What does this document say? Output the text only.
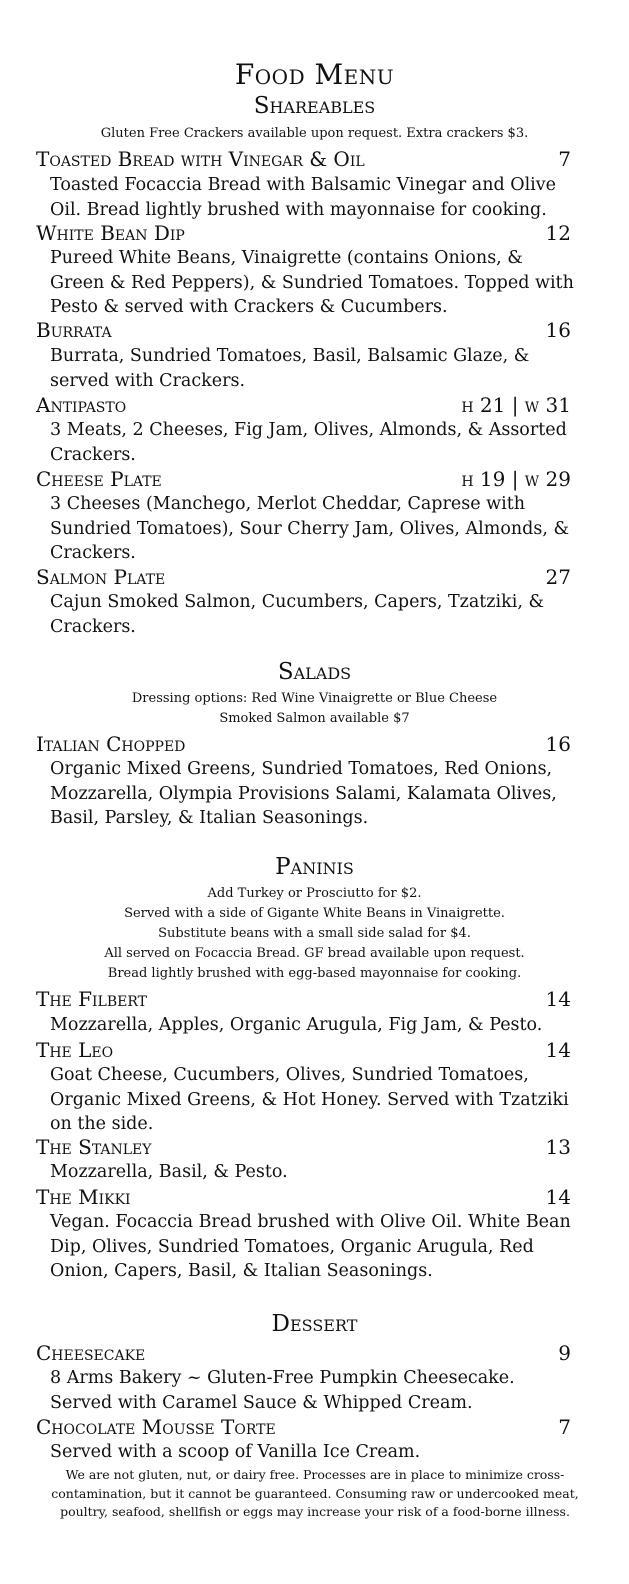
Food Menu
Shareables
Gluten Free Crackers available upon request. Extra crackers $3.
Toasted Bread with Vinegar & Oil	7
Toasted Focaccia Bread with Balsamic Vinegar and Olive Oil. Bread lightly brushed with mayonnaise for cooking.
White Bean Dip	12
Pureed White Beans, Vinaigrette (contains Onions, & Green & Red Peppers), & Sundried Tomatoes. Topped with Pesto & served with Crackers & Cucumbers.
Burrata	16
Burrata, Sundried Tomatoes, Basil, Balsamic Glaze, & served with Crackers.
Antipasto	h 21 | w 31
3 Meats, 2 Cheeses, Fig Jam, Olives, Almonds, & Assorted Crackers.
Cheese Plate	h 19 | w 29
3 Cheeses (Manchego, Merlot Cheddar, Caprese with Sundried Tomatoes), Sour Cherry Jam, Olives, Almonds, & Crackers.
Salmon Plate	27
Cajun Smoked Salmon, Cucumbers, Capers, Tzatziki, & Crackers.
Salads
Dressing options: Red Wine Vinaigrette or Blue Cheese
Smoked Salmon available $7
Italian Chopped	16
Organic Mixed Greens, Sundried Tomatoes, Red Onions, Mozzarella, Olympia Provisions Salami, Kalamata Olives, Basil, Parsley, & Italian Seasonings.
Paninis
Add Turkey or Prosciutto for $2.
Served with a side of Gigante White Beans in Vinaigrette.
Substitute beans with a small side salad for $4.
All served on Focaccia Bread. GF bread available upon request.
Bread lightly brushed with egg-based mayonnaise for cooking.
The Filbert	14
Mozzarella, Apples, Organic Arugula, Fig Jam, & Pesto.
The Leo	14
Goat Cheese, Cucumbers, Olives, Sundried Tomatoes, Organic Mixed Greens, & Hot Honey. Served with Tzatziki on the side.
The Stanley	13
Mozzarella, Basil, & Pesto.
The Mikki	14
Vegan. Focaccia Bread brushed with Olive Oil. White Bean Dip, Olives, Sundried Tomatoes, Organic Arugula, Red Onion, Capers, Basil, & Italian Seasonings.
Dessert
Cheesecake	9
8 Arms Bakery ~ Gluten-Free Pumpkin Cheesecake. Served with Caramel Sauce & Whipped Cream.
Chocolate Mousse Torte	7
Served with a scoop of Vanilla Ice Cream.
We are not gluten, nut, or dairy free. Processes are in place to minimize cross-contamination, but it cannot be guaranteed. Consuming raw or undercooked meat, poultry, seafood, shellfish or eggs may increase your risk of a food-borne illness.
